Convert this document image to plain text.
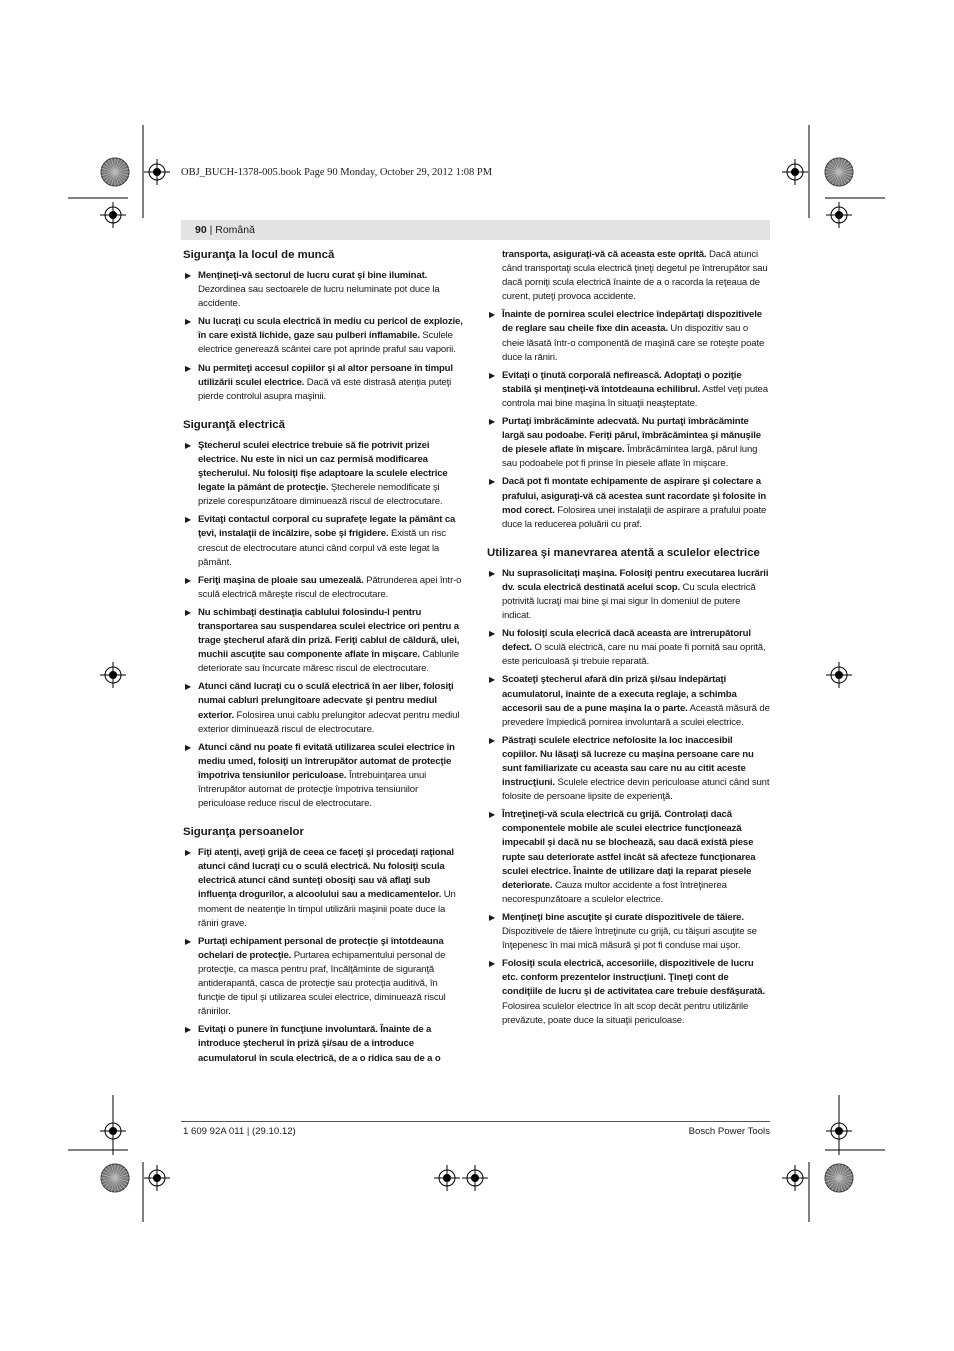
OBJ_BUCH-1378-005.book Page 90 Monday, October 29, 2012 1:08 PM
90 | Română
Siguranţa la locul de muncă
▶ Menţineţi-vă sectorul de lucru curat şi bine iluminat. Dezordinea sau sectoarele de lucru neluminate pot duce la accidente.
▶ Nu lucraţi cu scula electrică în mediu cu pericol de explozie, în care există lichide, gaze sau pulberi inflamabile. Sculele electrice generează scântei care pot aprinde praful sau vaporii.
▶ Nu permiteţi accesul copiilor şi al altor persoane în timpul utilizării sculei electrice. Dacă vă este distrasă atenţia puteţi pierde controlul asupra maşinii.
Siguranţă electrică
▶ Ştecherul sculei electrice trebuie să fie potrivit prizei electrice. Nu este în nici un caz permisă modificarea ştecherului. Nu folosiţi fişe adaptoare la sculele electrice legate la pământ de protecţie. Ştecherele nemodificate şi prizele corespunzătoare diminuează riscul de electrocutare.
▶ Evitaţi contactul corporal cu suprafeţe legate la pământ ca ţevi, instalaţii de încălzire, sobe şi frigidere. Există un risc crescut de electrocutare atunci când corpul vă este legat la pământ.
▶ Feriţi maşina de ploaie sau umezeală. Pătrunderea apei într-o sculă electrică măreşte riscul de electrocutare.
▶ Nu schimbaţi destinaţia cablului folosindu-l pentru transportarea sau suspendarea sculei electrice ori pentru a trage ştecherul afară din priză. Feriţi cablul de căldură, ulei, muchii ascuţite sau componente aflate în mişcare. Cablurile deteriorate sau încurcate măresc riscul de electrocutare.
▶ Atunci când lucraţi cu o sculă electrică în aer liber, folosiţi numai cabluri prelungitoare adecvate şi pentru mediul exterior. Folosirea unui cablu prelungitor adecvat pentru mediul exterior diminuează riscul de electrocutare.
▶ Atunci când nu poate fi evitată utilizarea sculei electrice în mediu umed, folosiţi un întrerupător automat de protecţie împotriva tensiunilor periculoase. Întrebuinţarea unui întrerupător automat de protecţie împotriva tensiunilor periculoase reduce riscul de electrocutare.
Siguranţa persoanelor
▶ Fiţi atenţi, aveţi grijă de ceea ce faceţi şi procedaţi raţional atunci când lucraţi cu o sculă electrică. Nu folosiţi scula electrică atunci când sunteţi obosiţi sau vă aflaţi sub influenţa drogurilor, a alcoolului sau a medicamentelor. Un moment de neatenţie în timpul utilizării maşinii poate duce la răniri grave.
▶ Purtaţi echipament personal de protecţie şi întotdeauna ochelari de protecţie. Purtarea echipamentului personal de protecţie, ca masca pentru praf, încălţăminte de siguranţă antiderapantă, casca de protecţie sau protecţia auditivă, în funcţie de tipul şi utilizarea sculei electrice, diminuează riscul rănirilor.
▶ Evitaţi o punere în funcţiune involuntară. Înainte de a introduce ştecherul în priză şi/sau de a introduce acumulatorul în scula electrică, de a o ridica sau de a o
transporta, asiguraţi-vă că aceasta este oprită. Dacă atunci când transportaţi scula electrică ţineţi degetul pe întrerupător sau dacă porniţi scula electrică înainte de a o racorda la reţeaua de curent, puteţi provoca accidente.
▶ Înainte de pornirea sculei electrice îndepărtaţi dispozitivele de reglare sau cheile fixe din aceasta. Un dispozitiv sau o cheie lăsată într-o componentă de maşină care se roteşte poate duce la răniri.
▶ Evitaţi o ţinută corporală nefirească. Adoptaţi o poziţie stabilă şi menţineţi-vă întotdeauna echilibrul. Astfel veţi putea controla mai bine maşina în situaţii neaşteptate.
▶ Purtaţi îmbrăcăminte adecvată. Nu purtaţi îmbrăcăminte largă sau podoabe. Feriţi părul, îmbrăcămintea şi mănuşile de piesele aflate în mişcare. Îmbrăcămintea largă, părul lung sau podoabele pot fi prinse în piesele aflate în mişcare.
▶ Dacă pot fi montate echipamente de aspirare şi colectare a prafului, asiguraţi-vă că acestea sunt racordate şi folosite în mod corect. Folosirea unei instalaţii de aspirare a prafului poate duce la reducerea poluării cu praf.
Utilizarea şi manevrarea atentă a sculelor electrice
▶ Nu suprasolicitaţi maşina. Folosiţi pentru executarea lucrării dv. scula electrică destinată acelui scop. Cu scula electrică potrivită lucraţi mai bine şi mai sigur în domeniul de putere indicat.
▶ Nu folosiţi scula elecrică dacă aceasta are întrerupătorul defect. O sculă electrică, care nu mai poate fi pornită sau oprită, este periculoasă şi trebuie reparată.
▶ Scoateţi ştecherul afară din priză şi/sau îndepărtaţi acumulatorul, înainte de a executa reglaje, a schimba accesorii sau de a pune maşina la o parte. Această măsură de prevedere împiedică pornirea involuntară a sculei electrice.
▶ Păstraţi sculele electrice nefolosite la loc inaccesibil copiilor. Nu lăsaţi să lucreze cu maşina persoane care nu sunt familiarizate cu aceasta sau care nu au citit aceste instrucţiuni. Sculele electrice devin periculoase atunci când sunt folosite de persoane lipsite de experienţă.
▶ Întreţineţi-vă scula electrică cu grijă. Controlaţi dacă componentele mobile ale sculei electrice funcţionează impecabil şi dacă nu se blochează, sau dacă există piese rupte sau deteriorate astfel încât să afecteze funcţionarea sculei electrice. Înainte de utilizare daţi la reparat piesele deteriorate. Cauza multor accidente a fost întreţinerea necorespunzătoare a sculelor electrice.
▶ Menţineţi bine ascuţite şi curate dispozitivele de tăiere. Dispozitivele de tăiere întreţinute cu grijă, cu tăişuri ascuţite se înţepenesc în mai mică măsură şi pot fi conduse mai uşor.
▶ Folosiţi scula electrică, accesoriile, dispozitivele de lucru etc. conform prezentelor instrucţiuni. Ţineţi cont de condiţiile de lucru şi de activitatea care trebuie desfăşurată. Folosirea sculelor electrice în alt scop decât pentru utilizările prevăzute, poate duce la situaţii periculoase.
1 609 92A 011 | (29.10.12)	Bosch Power Tools
